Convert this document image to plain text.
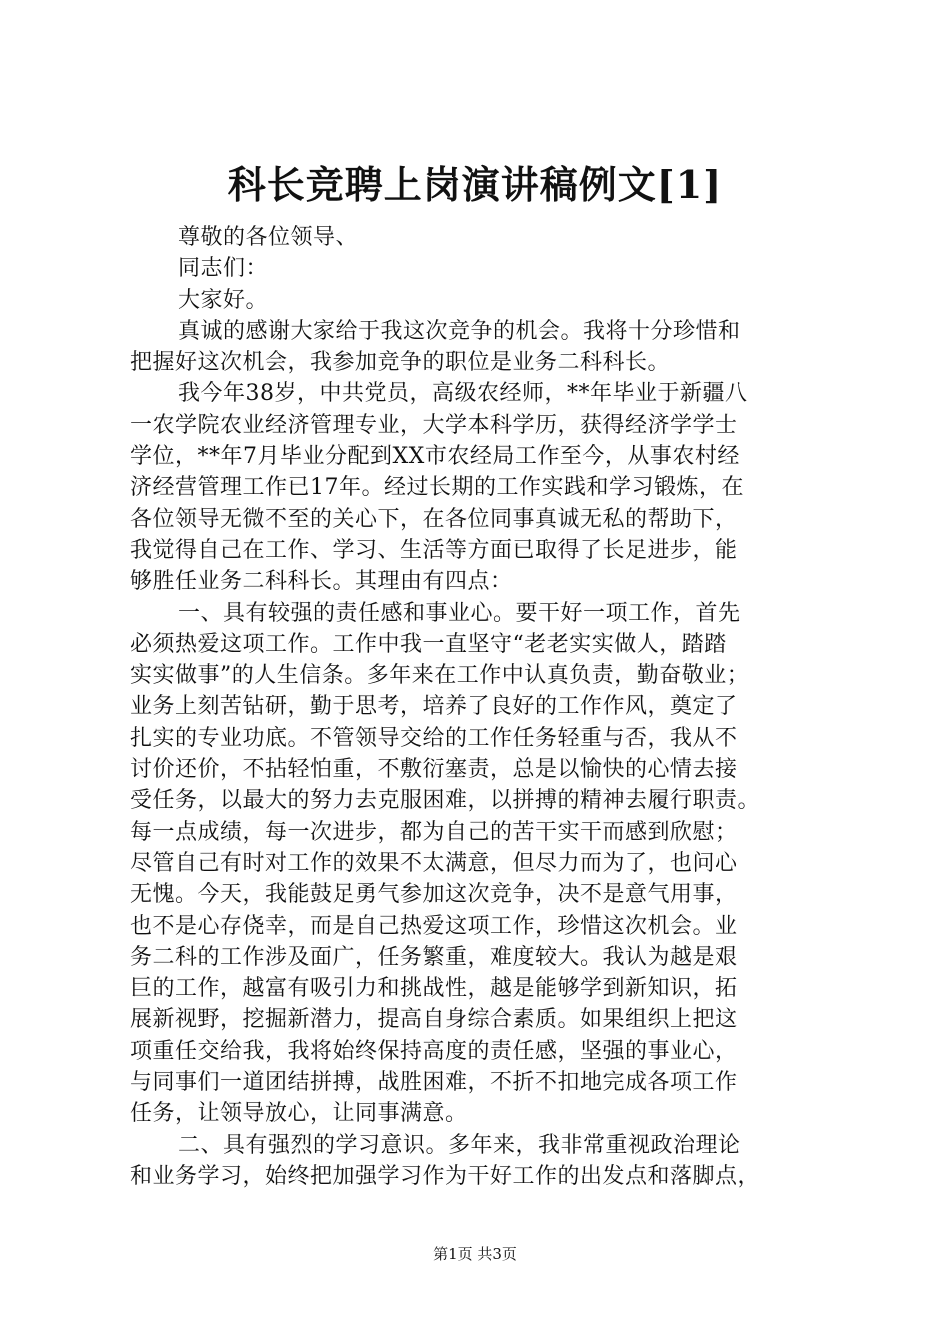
科长竞聘上岗演讲稿例文[1]
尊敬的各位领导、
同志们：
大家好。
真诚的感谢大家给于我这次竞争的机会。我将十分珍惜和
把握好这次机会，我参加竞争的职位是业务二科科长。
我今年38岁，中共党员，高级农经师，**年毕业于新疆八
一农学院农业经济管理专业，大学本科学历，获得经济学学士
学位，**年7月毕业分配到XX市农经局工作至今，从事农村经
济经营管理工作已17年。经过长期的工作实践和学习锻炼，在
各位领导无微不至的关心下，在各位同事真诚无私的帮助下，
我觉得自己在工作、学习、生活等方面已取得了长足进步，能
够胜任业务二科科长。其理由有四点：
一、具有较强的责任感和事业心。要干好一项工作，首先
必须热爱这项工作。工作中我一直坚守“老老实实做人，踏踏
实实做事”的人生信条。多年来在工作中认真负责，勤奋敬业；
业务上刻苦钻研，勤于思考，培养了良好的工作作风，奠定了
扎实的专业功底。不管领导交给的工作任务轻重与否，我从不
讨价还价，不拈轻怕重，不敷衍塞责，总是以愉快的心情去接
受任务，以最大的努力去克服困难，以拼搏的精神去履行职责。
每一点成绩，每一次进步，都为自己的苦干实干而感到欣慰；
尽管自己有时对工作的效果不太满意，但尽力而为了，也问心
无愧。今天，我能鼓足勇气参加这次竞争，决不是意气用事，
也不是心存侥幸，而是自己热爱这项工作，珍惜这次机会。业
务二科的工作涉及面广，任务繁重，难度较大。我认为越是艰
巨的工作，越富有吸引力和挑战性，越是能够学到新知识，拓
展新视野，挖掘新潜力，提高自身综合素质。如果组织上把这
项重任交给我，我将始终保持高度的责任感，坚强的事业心，
与同事们一道团结拼搏，战胜困难，不折不扣地完成各项工作
任务，让领导放心，让同事满意。
二、具有强烈的学习意识。多年来，我非常重视政治理论
和业务学习，始终把加强学习作为干好工作的出发点和落脚点，
第1页 共3页
